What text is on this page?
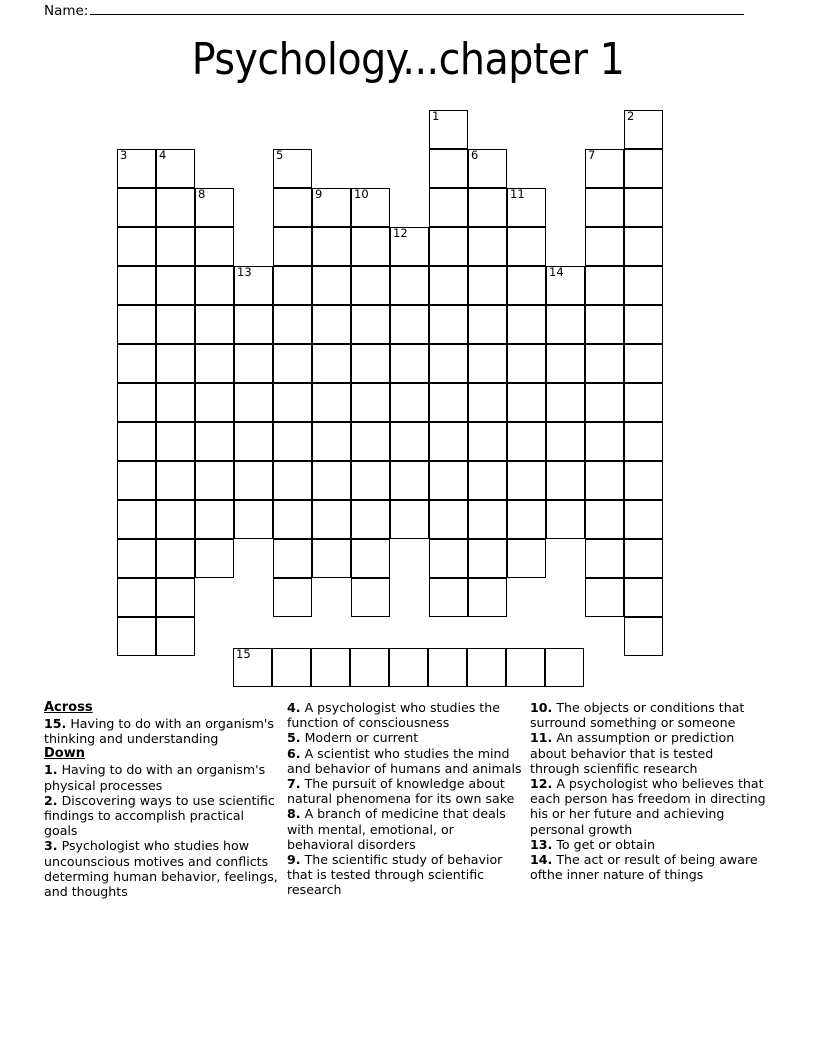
Name:
Psychology...chapter 1
1	2
3	4	5	6	7
8	9	10	11
12
13	14
15
Across
15. Having to do with an organism's thinking and understanding
Down
1. Having to do with an organism's physical processes
2. Discovering ways to use scientific findings to accomplish practical goals
3. Psychologist who studies how uncounscious motives and conflicts determing human behavior, feelings, and thoughts
4. A psychologist who studies the function of consciousness
5. Modern or current
6. A scientist who studies the mind and behavior of humans and animals
7. The pursuit of knowledge about natural phenomena for its own sake
8. A branch of medicine that deals with mental, emotional, or behavioral disorders
9. The scientific study of behavior that is tested through scientific research
10. The objects or conditions that surround something or someone
11. An assumption or prediction about behavior that is tested through scienfific research
12. A psychologist who believes that each person has freedom in directing his or her future and achieving personal growth
13. To get or obtain
14. The act or result of being aware ofthe inner nature of things
